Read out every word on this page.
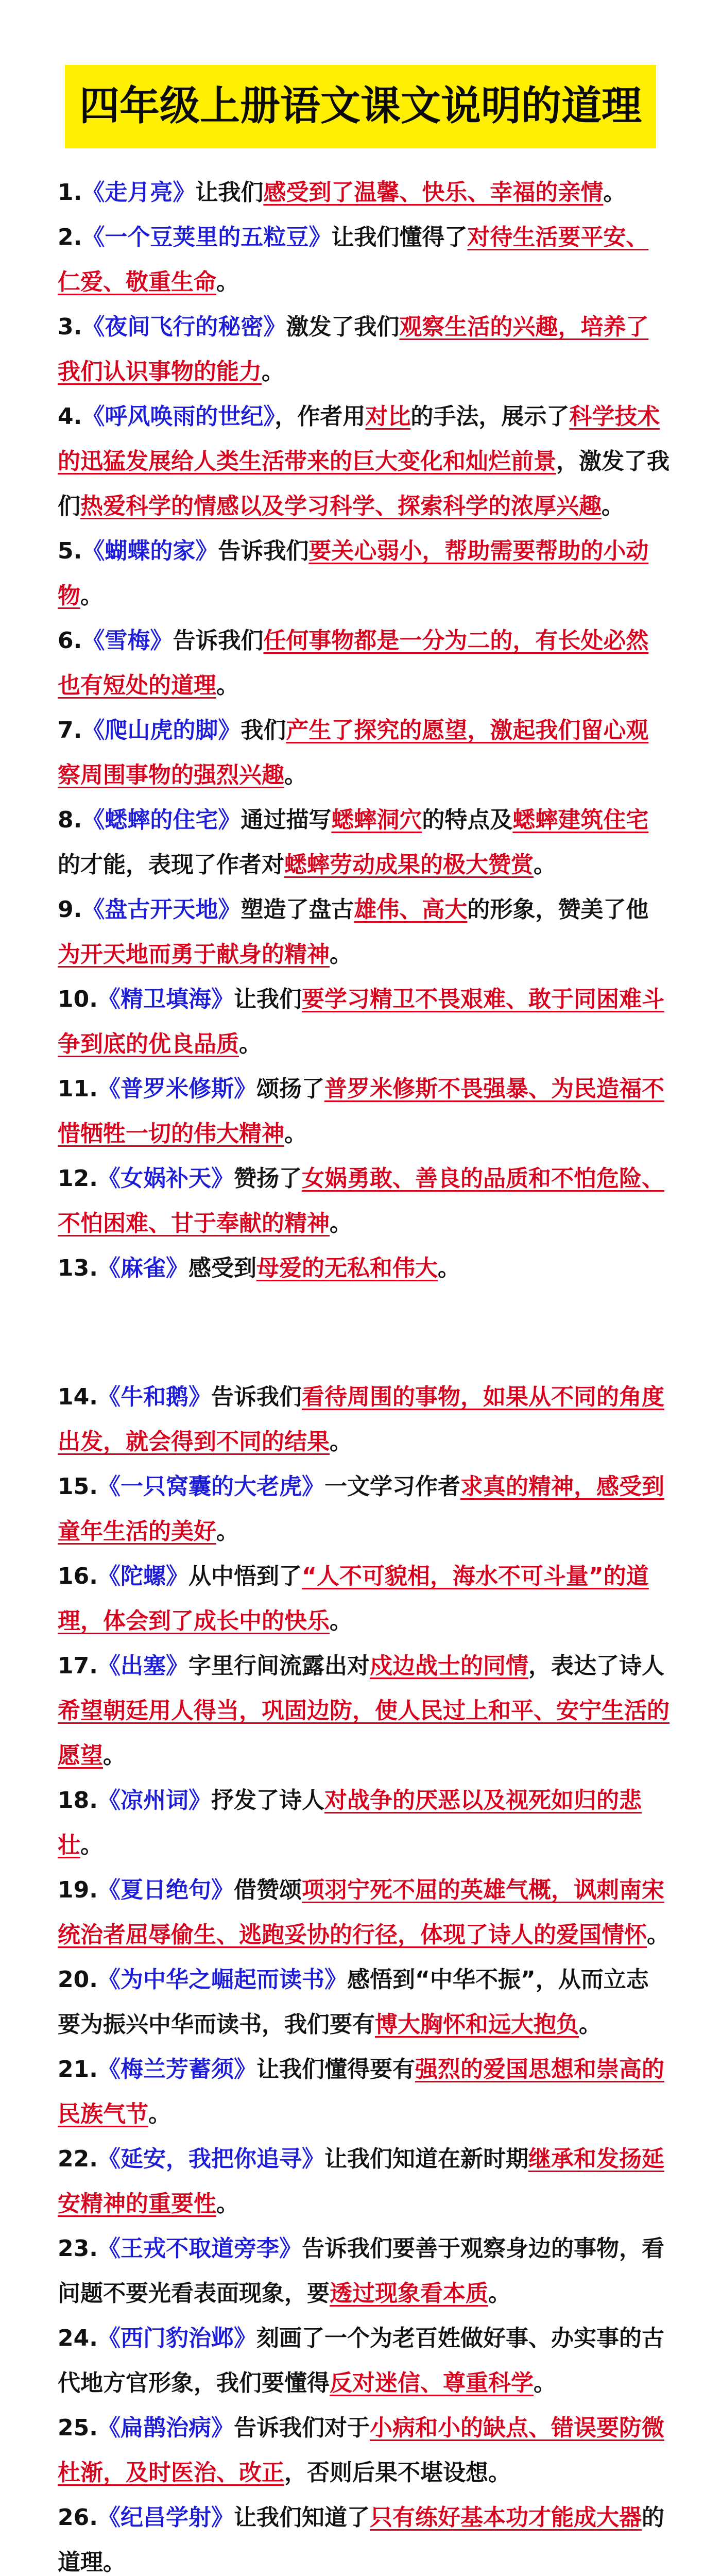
四年级上册语文课文说明的道理

1.《走月亮》让我们感受到了温馨、快乐、幸福的亲情。

2.《一个豆荚里的五粒豆》让我们懂得了对待生活要平安、仁爱、敬重生命。

3.《夜间飞行的秘密》激发了我们观察生活的兴趣，培养了我们认识事物的能力。

4.《呼风唤雨的世纪》，作者用对比的手法，展示了科学技术的迅猛发展给人类生活带来的巨大变化和灿烂前景，激发了我们热爱科学的情感以及学习科学、探索科学的浓厚兴趣。

5.《蝴蝶的家》告诉我们要关心弱小，帮助需要帮助的小动物。

6.《雪梅》告诉我们任何事物都是一分为二的，有长处必然也有短处的道理。

7.《爬山虎的脚》我们产生了探究的愿望，激起我们留心观察周围事物的强烈兴趣。

8.《蟋蟀的住宅》通过描写蟋蟀洞穴的特点及蟋蟀建筑住宅的才能，表现了作者对蟋蟀劳动成果的极大赞赏。

9.《盘古开天地》塑造了盘古雄伟、高大的形象，赞美了他为开天地而勇于献身的精神。

10.《精卫填海》让我们要学习精卫不畏艰难、敢于同困难斗争到底的优良品质。

11.《普罗米修斯》颂扬了普罗米修斯不畏强暴、为民造福不惜牺牲一切的伟大精神。

12.《女娲补天》赞扬了女娲勇敢、善良的品质和不怕危险、不怕困难、甘于奉献的精神。

13.《麻雀》感受到母爱的无私和伟大。

14.《牛和鹅》告诉我们看待周围的事物，如果从不同的角度出发，就会得到不同的结果。

15.《一只窝囊的大老虎》一文学习作者求真的精神，感受到童年生活的美好。

16.《陀螺》从中悟到了“人不可貌相，海水不可斗量”的道理，体会到了成长中的快乐。

17.《出塞》字里行间流露出对戍边战士的同情，表达了诗人希望朝廷用人得当，巩固边防，使人民过上和平、安宁生活的愿望。

18.《凉州词》抒发了诗人对战争的厌恶以及视死如归的悲壮。

19.《夏日绝句》借赞颂项羽宁死不屈的英雄气概，讽刺南宋统治者屈辱偷生、逃跑妥协的行径，体现了诗人的爱国情怀。

20.《为中华之崛起而读书》感悟到“中华不振”，从而立志要为振兴中华而读书，我们要有博大胸怀和远大抱负。

21.《梅兰芳蓄须》让我们懂得要有强烈的爱国思想和崇高的民族气节。

22.《延安，我把你追寻》让我们知道在新时期继承和发扬延安精神的重要性。

23.《王戎不取道旁李》告诉我们要善于观察身边的事物，看问题不要光看表面现象，要透过现象看本质。

24.《西门豹治邺》刻画了一个为老百姓做好事、办实事的古代地方官形象，我们要懂得反对迷信、尊重科学。

25.《扁鹊治病》告诉我们对于小病和小的缺点、错误要防微杜渐，及时医治、改正，否则后果不堪设想。

26.《纪昌学射》让我们知道了只有练好基本功才能成大器的道理。
